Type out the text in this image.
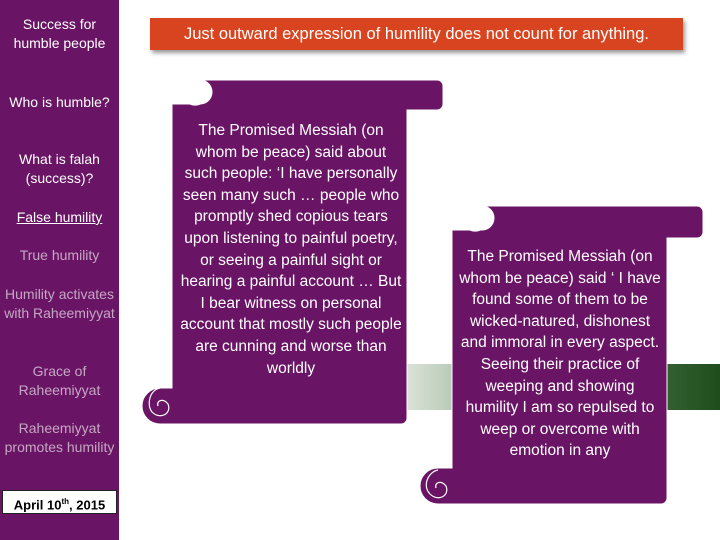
Success for humble people
Who is humble?
What is falah (success)?
False humility
True humility
Humility activates with Raheemiyyat
Grace of Raheemiyyat
Raheemiyyat promotes humility
April 10th, 2015
Just outward expression of humility does not count for anything.
The Promised Messiah (on whom be peace) said about such people: ‘I have personally seen many such … people who promptly shed copious tears upon listening to painful poetry, or seeing a painful sight or hearing a painful account … But I bear witness on personal account that mostly such people are cunning and worse than worldly
The Promised Messiah (on whom be peace) said ‘ I have found some of them to be wicked-natured, dishonest and immoral in every aspect. Seeing their practice of weeping and showing humility I am so repulsed to weep or overcome with emotion in any
